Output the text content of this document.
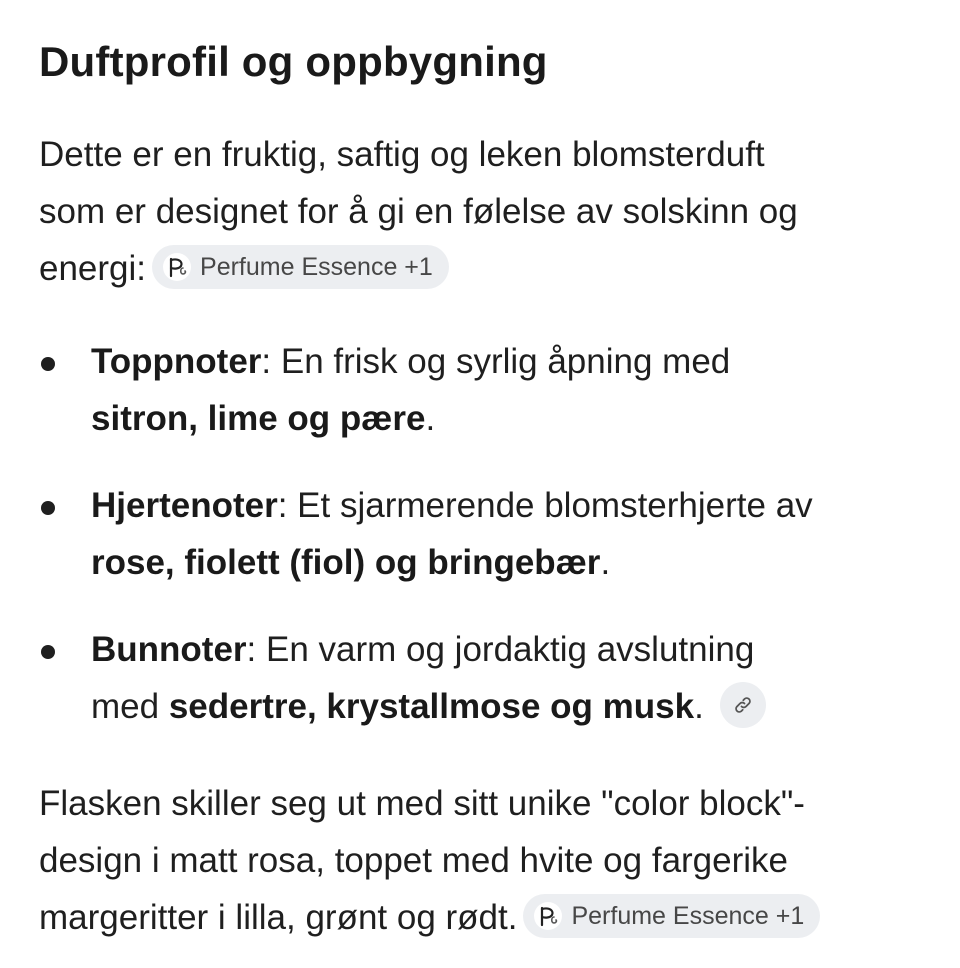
Duftprofil og oppbygning

Dette er en fruktig, saftig og leken blomsterduft
som er designet for å gi en følelse av solskinn og
energi: Perfume Essence +1

Toppnoter: En frisk og syrlig åpning med
sitron, lime og pære.
Hjertenoter: Et sjarmerende blomsterhjerte av
rose, fiolett (fiol) og bringebær.
Bunnoter: En varm og jordaktig avslutning
med sedertre, krystallmose og musk.

Flasken skiller seg ut med sitt unike "color block"-
design i matt rosa, toppet med hvite og fargerike
margeritter i lilla, grønt og rødt. Perfume Essence +1
